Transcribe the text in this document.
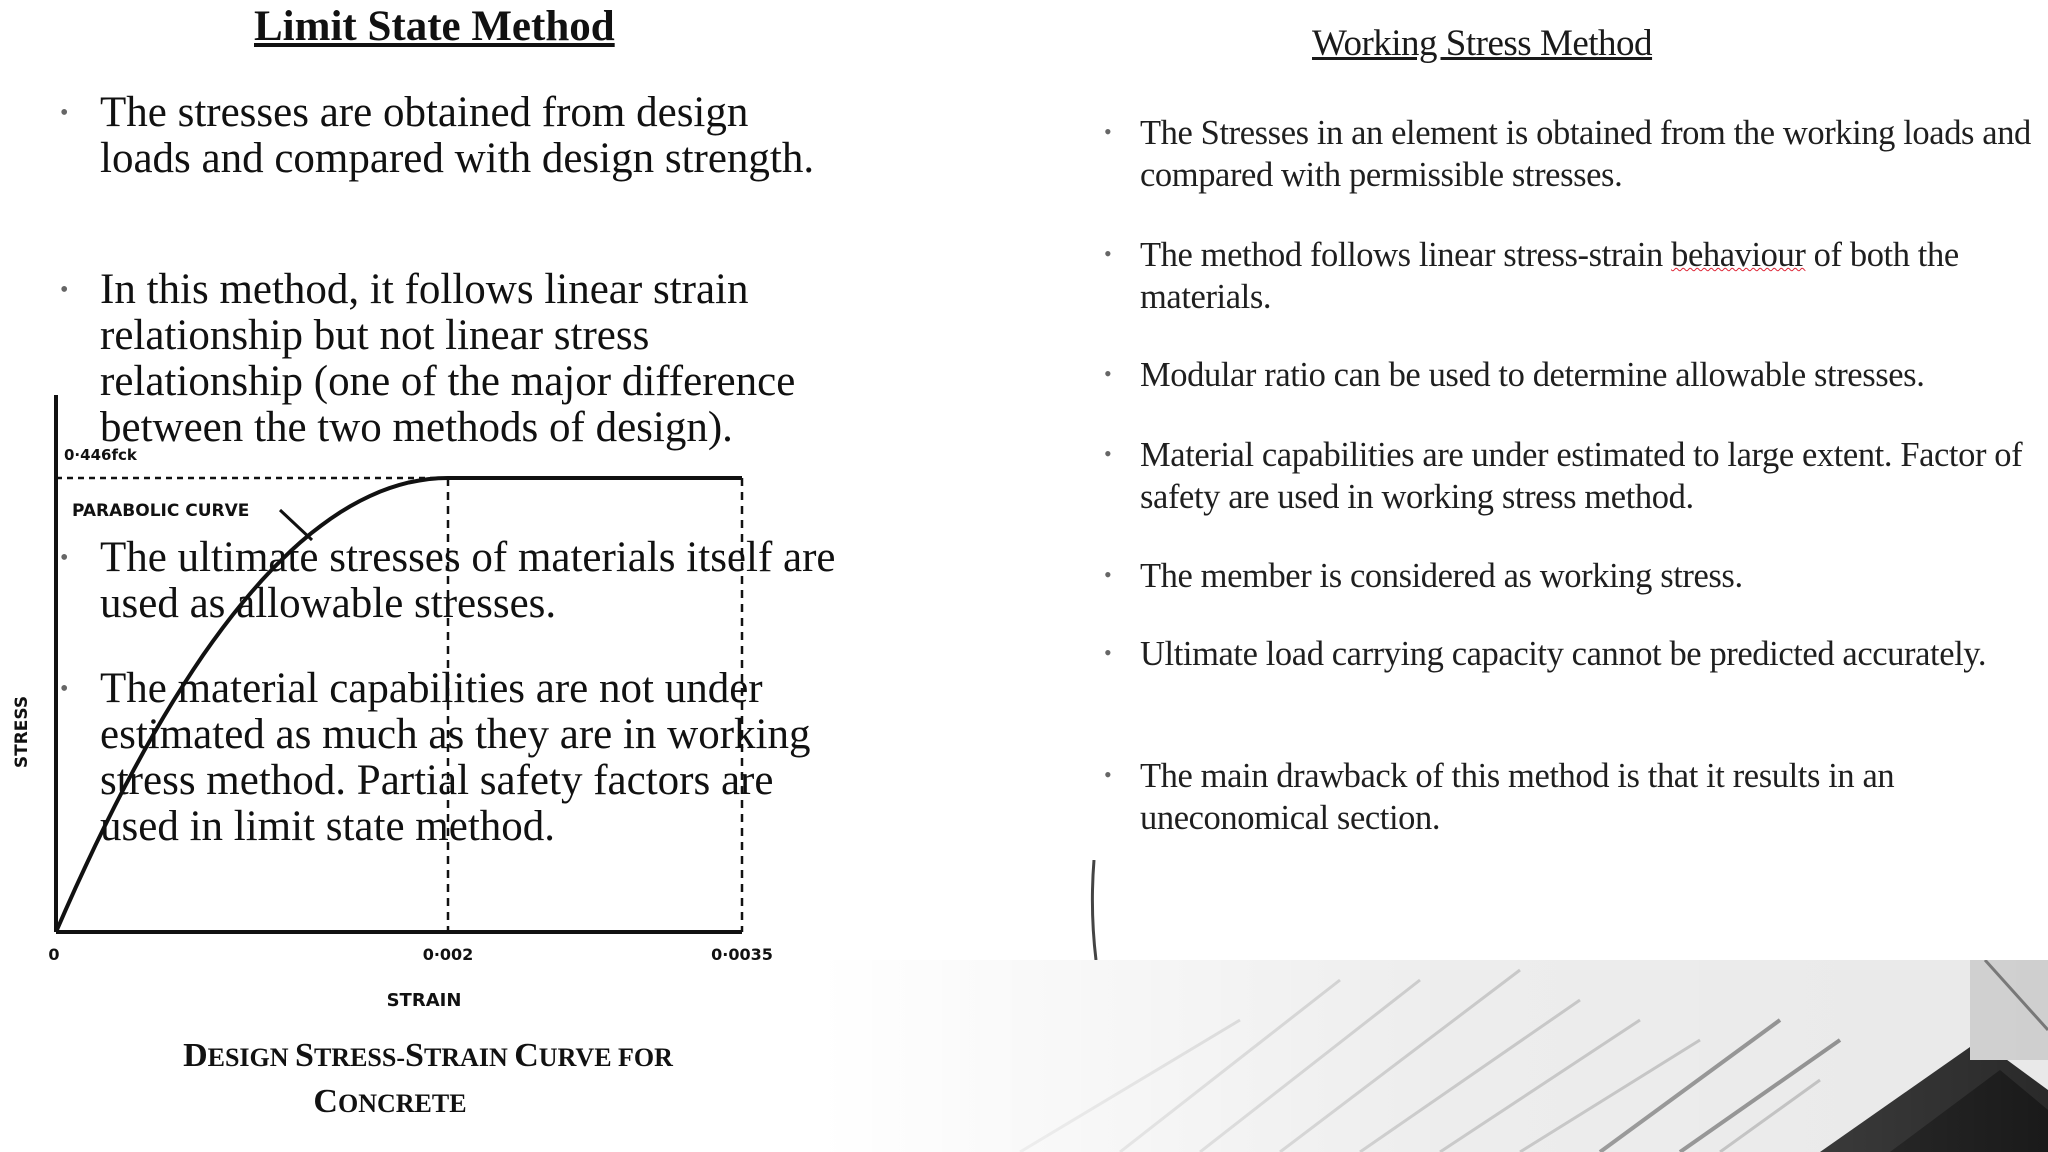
0	0·002	0·0035
STRESS
STRAIN
0·446fck
PARABOLIC CURVE
DESIGN STRESS-STRAIN CURVE FOR
CONCRETE
Limit State Method
• The stresses are obtained from design loads and compared with design strength.
• In this method, it follows linear strain relationship but not linear stress relationship (one of the major difference between the two methods of design).
• The ultimate stresses of materials itself are used as allowable stresses.
• The material capabilities are not under estimated as much as they are in working stress method. Partial safety factors are used in limit state method.
Working Stress Method
• The Stresses in an element is obtained from the working loads and compared with permissible stresses.
• The method follows linear stress-strain behaviour of both the materials.
• Modular ratio can be used to determine allowable stresses.
• Material capabilities are under estimated to large extent. Factor of safety are used in working stress method.
• The member is considered as working stress.
• Ultimate load carrying capacity cannot be predicted accurately.
• The main drawback of this method is that it results in an uneconomical section.
